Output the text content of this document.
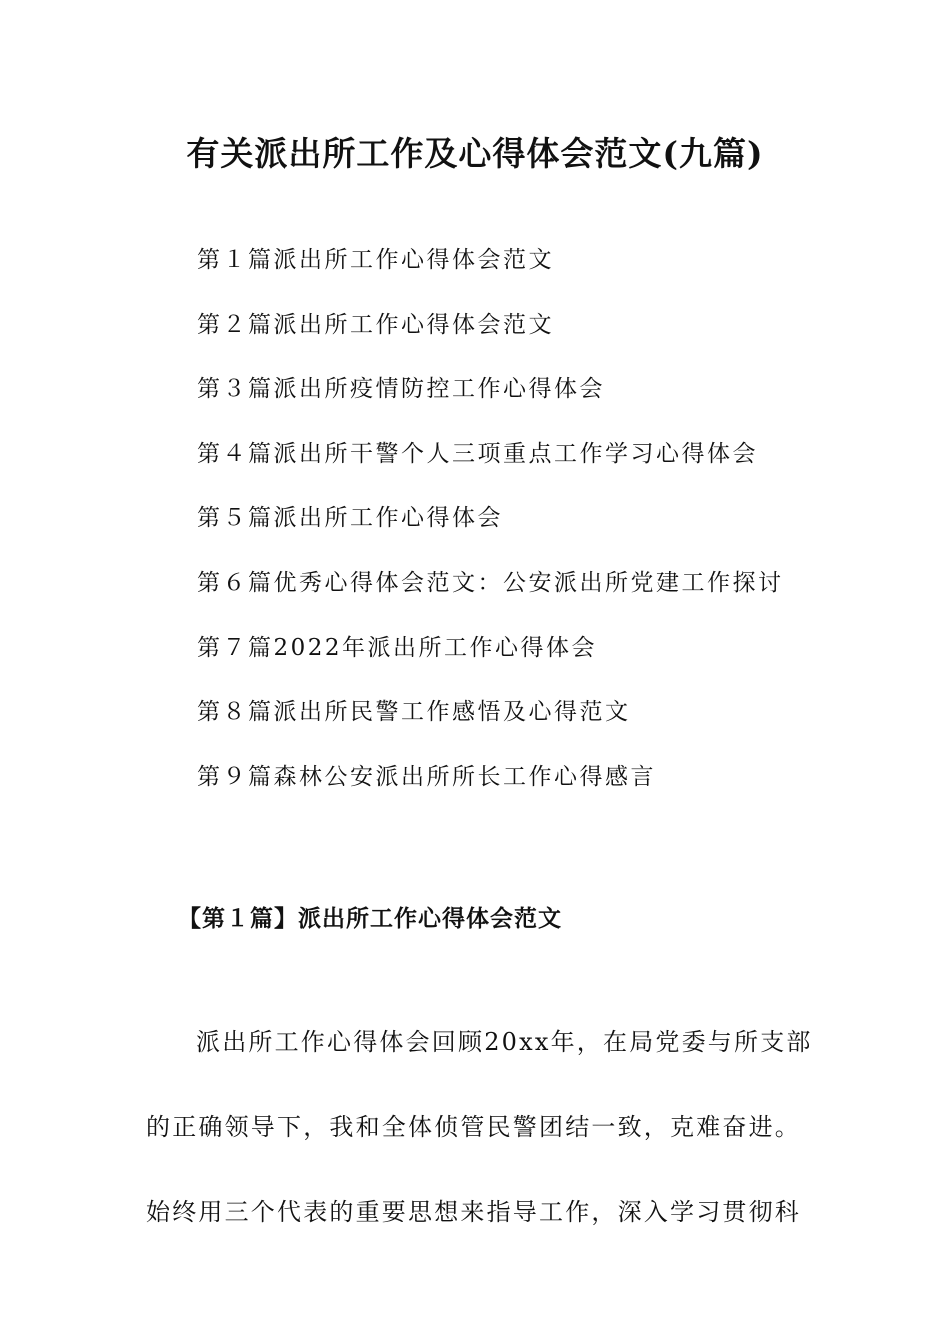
有关派出所工作及心得体会范文(九篇)
第１篇派出所工作心得体会范文
第２篇派出所工作心得体会范文
第３篇派出所疫情防控工作心得体会
第４篇派出所干警个人三项重点工作学习心得体会
第５篇派出所工作心得体会
第６篇优秀心得体会范文：公安派出所党建工作探讨
第７篇2022年派出所工作心得体会
第８篇派出所民警工作感悟及心得范文
第９篇森林公安派出所所长工作心得感言
【第１篇】派出所工作心得体会范文
派出所工作心得体会回顾20xx年，在局党委与所支部
的正确领导下，我和全体侦管民警团结一致，克难奋进。
始终用三个代表的重要思想来指导工作，深入学习贯彻科
